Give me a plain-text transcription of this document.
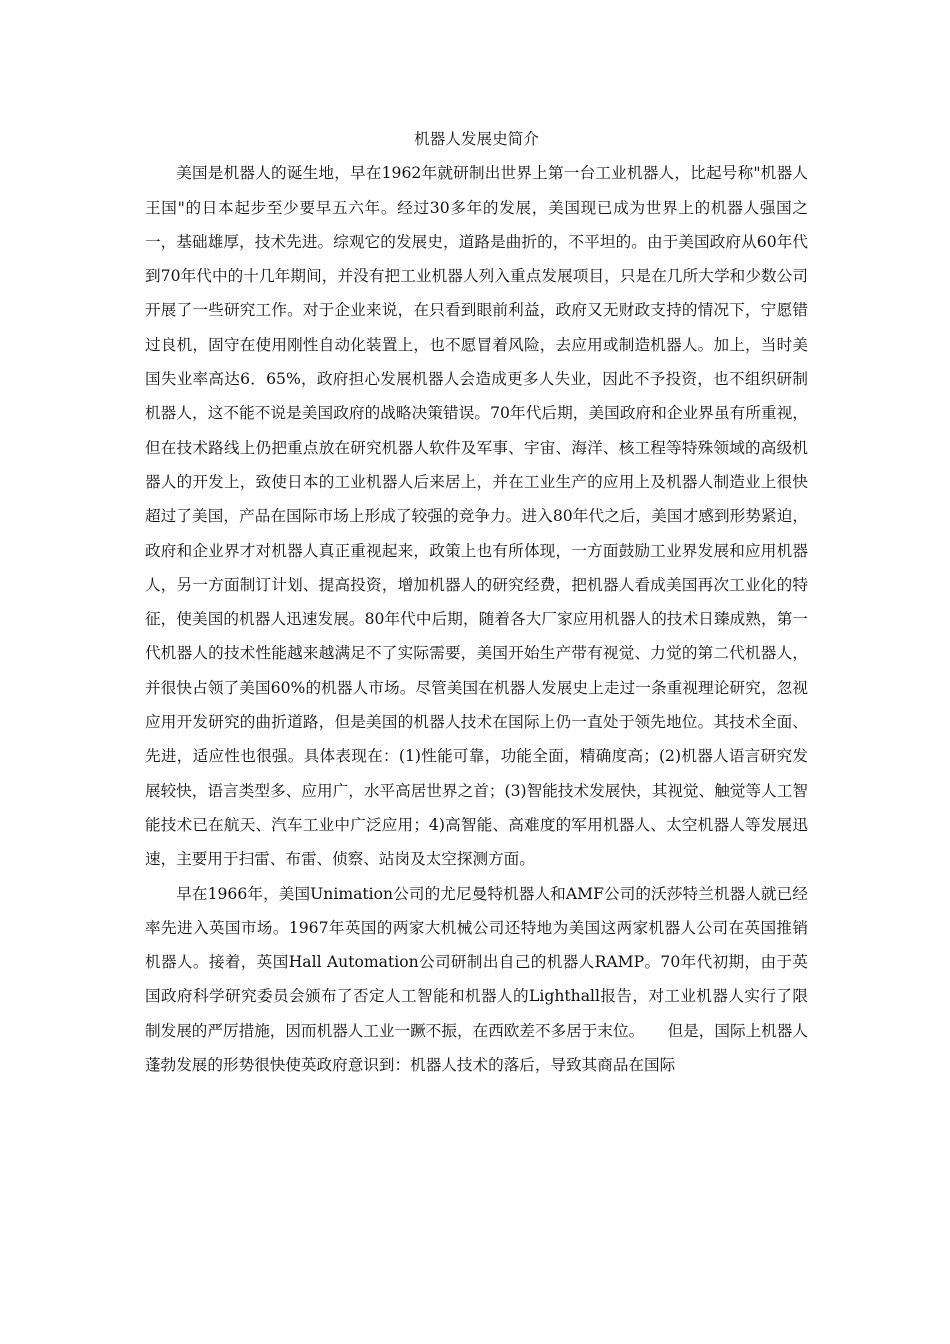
机器人发展史简介

美国是机器人的诞生地，早在1962年就研制出世界上第一台工业机器人，比起号称"机器人王国"的日本起步至少要早五六年。经过30多年的发展，美国现已成为世界上的机器人强国之一，基础雄厚，技术先进。综观它的发展史，道路是曲折的，不平坦的。由于美国政府从60年代到70年代中的十几年期间，并没有把工业机器人列入重点发展项目，只是在几所大学和少数公司开展了一些研究工作。对于企业来说，在只看到眼前利益，政府又无财政支持的情况下，宁愿错过良机，固守在使用刚性自动化装置上，也不愿冒着风险，去应用或制造机器人。加上，当时美国失业率高达6．65%，政府担心发展机器人会造成更多人失业，因此不予投资，也不组织研制机器人，这不能不说是美国政府的战略决策错误。70年代后期，美国政府和企业界虽有所重视，但在技术路线上仍把重点放在研究机器人软件及军事、宇宙、海洋、核工程等特殊领域的高级机器人的开发上，致使日本的工业机器人后来居上，并在工业生产的应用上及机器人制造业上很快超过了美国，产品在国际市场上形成了较强的竞争力。进入80年代之后，美国才感到形势紧迫，政府和企业界才对机器人真正重视起来，政策上也有所体现，一方面鼓励工业界发展和应用机器人，另一方面制订计划、提高投资，增加机器人的研究经费，把机器人看成美国再次工业化的特征，使美国的机器人迅速发展。80年代中后期，随着各大厂家应用机器人的技术日臻成熟，第一代机器人的技术性能越来越满足不了实际需要，美国开始生产带有视觉、力觉的第二代机器人，并很快占领了美国60%的机器人市场。尽管美国在机器人发展史上走过一条重视理论研究，忽视应用开发研究的曲折道路，但是美国的机器人技术在国际上仍一直处于领先地位。其技术全面、先进，适应性也很强。具体表现在：(1)性能可靠，功能全面，精确度高；(2)机器人语言研究发展较快，语言类型多、应用广，水平高居世界之首；(3)智能技术发展快，其视觉、触觉等人工智能技术已在航天、汽车工业中广泛应用；4)高智能、高难度的军用机器人、太空机器人等发展迅速，主要用于扫雷、布雷、侦察、站岗及太空探测方面。

早在1966年，美国Unimation公司的尤尼曼特机器人和AMF公司的沃莎特兰机器人就已经率先进入英国市场。1967年英国的两家大机械公司还特地为美国这两家机器人公司在英国推销机器人。接着，英国Hall Automation公司研制出自己的机器人RAMP。70年代初期，由于英国政府科学研究委员会颁布了否定人工智能和机器人的Lighthall报告，对工业机器人实行了限制发展的严厉措施，因而机器人工业一蹶不振，在西欧差不多居于末位。　　但是，国际上机器人蓬勃发展的形势很快使英政府意识到：机器人技术的落后，导致其商品在国际
